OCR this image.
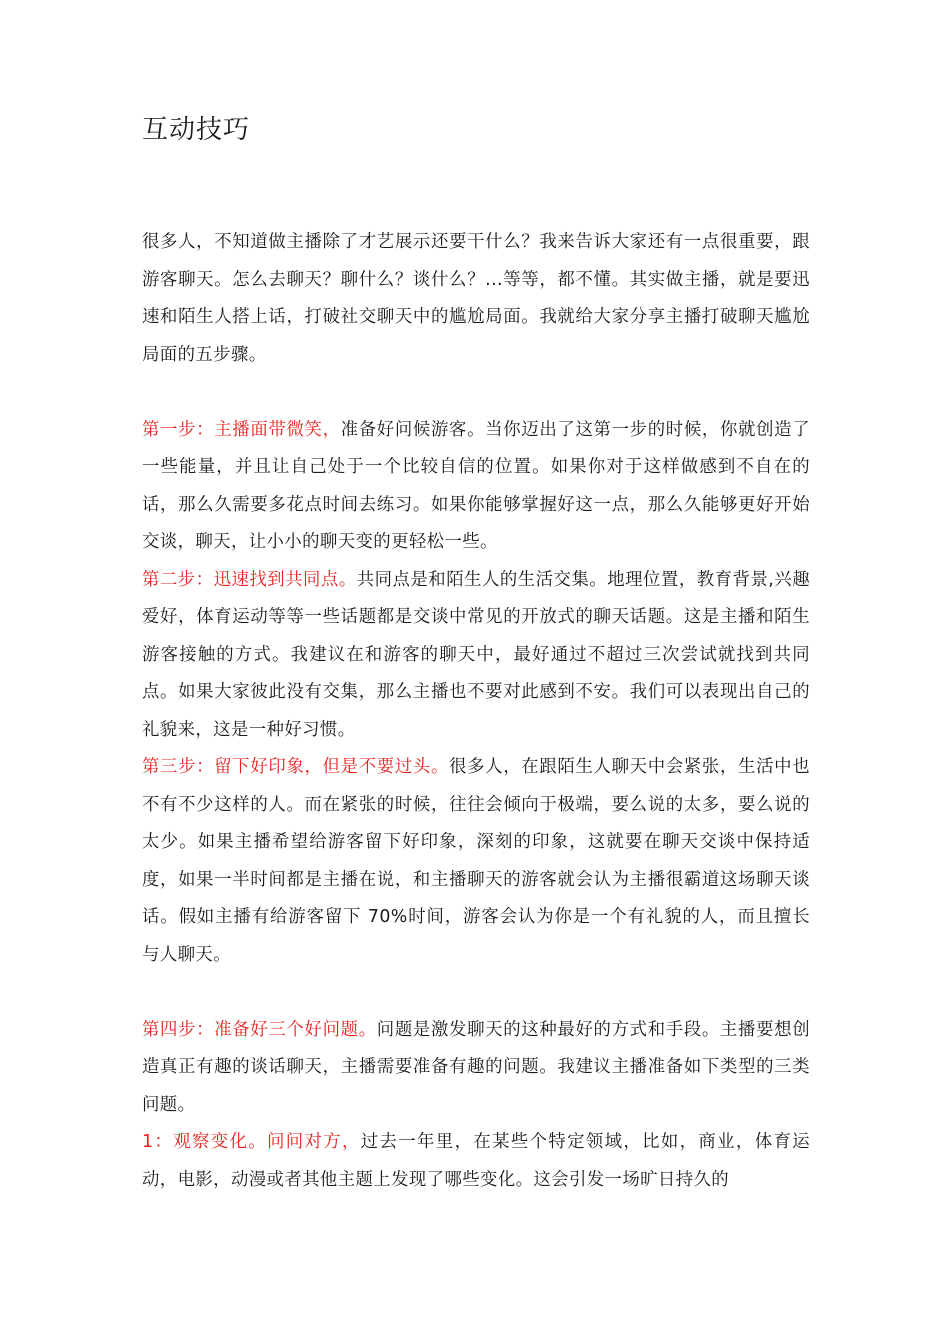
互动技巧

很多人，不知道做主播除了才艺展示还要干什么？我来告诉大家还有一点很重要，跟游客聊天。怎么去聊天？聊什么？谈什么？...等等，都不懂。其实做主播，就是要迅速和陌生人搭上话，打破社交聊天中的尴尬局面。我就给大家分享主播打破聊天尴尬局面的五步骤。

第一步：主播面带微笑，准备好问候游客。当你迈出了这第一步的时候，你就创造了一些能量，并且让自己处于一个比较自信的位置。如果你对于这样做感到不自在的话，那么久需要多花点时间去练习。如果你能够掌握好这一点，那么久能够更好开始交谈，聊天，让小小的聊天变的更轻松一些。

第二步：迅速找到共同点。共同点是和陌生人的生活交集。地理位置，教育背景,兴趣爱好，体育运动等等一些话题都是交谈中常见的开放式的聊天话题。这是主播和陌生游客接触的方式。我建议在和游客的聊天中，最好通过不超过三次尝试就找到共同点。如果大家彼此没有交集，那么主播也不要对此感到不安。我们可以表现出自己的礼貌来，这是一种好习惯。

第三步：留下好印象，但是不要过头。很多人，在跟陌生人聊天中会紧张，生活中也不有不少这样的人。而在紧张的时候，往往会倾向于极端，要么说的太多，要么说的太少。如果主播希望给游客留下好印象，深刻的印象，这就要在聊天交谈中保持适度，如果一半时间都是主播在说，和主播聊天的游客就会认为主播很霸道这场聊天谈话。假如主播有给游客留下 70%时间，游客会认为你是一个有礼貌的人，而且擅长与人聊天。

第四步：准备好三个好问题。问题是激发聊天的这种最好的方式和手段。主播要想创造真正有趣的谈话聊天，主播需要准备有趣的问题。我建议主播准备如下类型的三类问题。

1：观察变化。问问对方，过去一年里，在某些个特定领域，比如，商业，体育运动，电影，动漫或者其他主题上发现了哪些变化。这会引发一场旷日持久的
